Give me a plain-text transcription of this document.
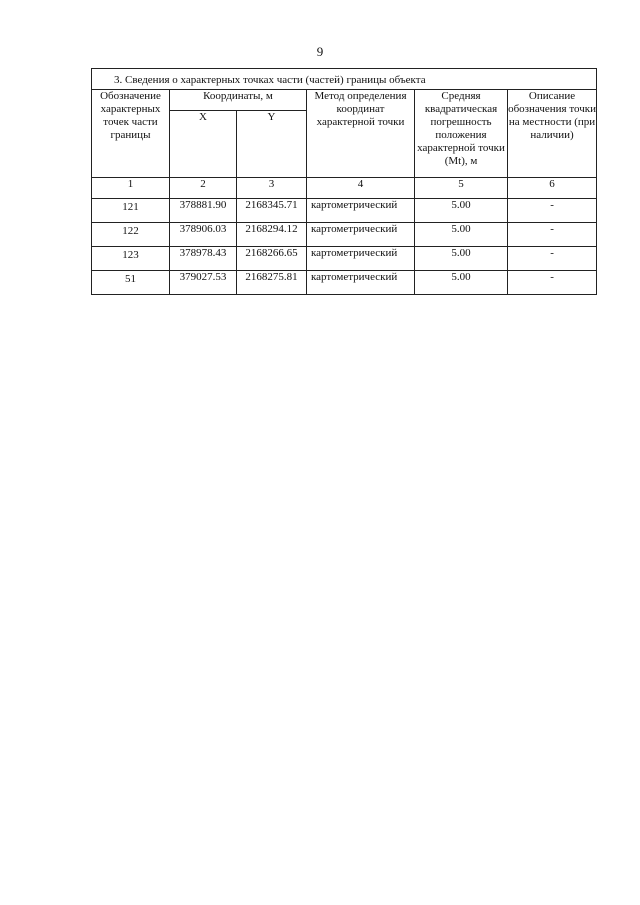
9
3. Сведения о характерных точках части (частей) границы объекта					
Обозначение характерных точек части границы	Координаты, м		Метод определения координат характерной точки	Средняя квадратическая погрешность положения характерной точки (Mt), м	Описание обозначения точки на местности (при наличии)
	X	Y			
1	2	3	4	5	6
121	378881.90	2168345.71	картометрический	5.00	-
122	378906.03	2168294.12	картометрический	5.00	-
123	378978.43	2168266.65	картометрический	5.00	-
51	379027.53	2168275.81	картометрический	5.00	-
